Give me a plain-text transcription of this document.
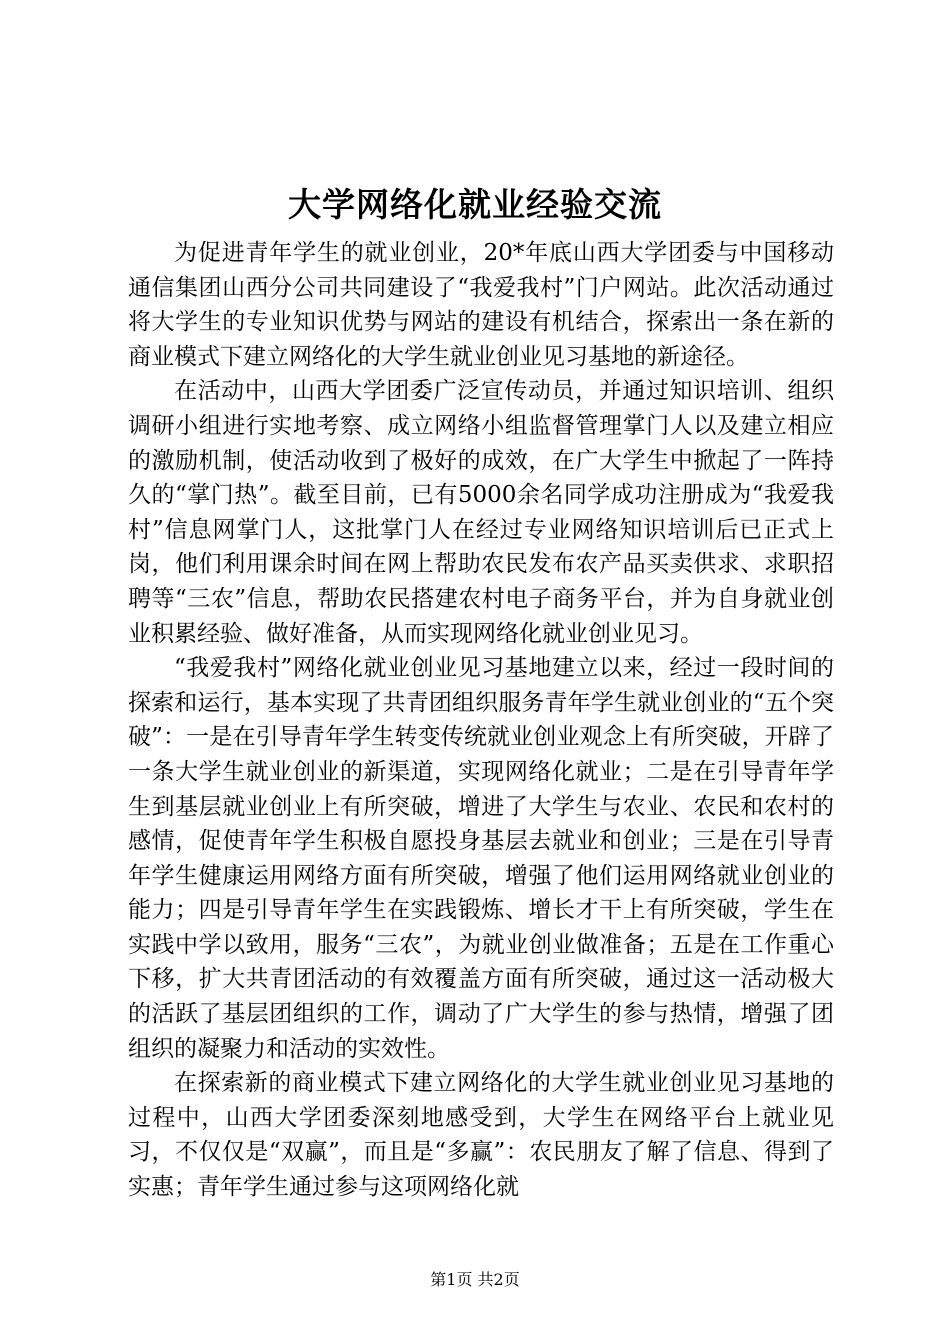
大学网络化就业经验交流

为促进青年学生的就业创业，20*年底山西大学团委与中国移动通信集团山西分公司共同建设了“我爱我村”门户网站。此次活动通过将大学生的专业知识优势与网站的建设有机结合，探索出一条在新的商业模式下建立网络化的大学生就业创业见习基地的新途径。

在活动中，山西大学团委广泛宣传动员，并通过知识培训、组织调研小组进行实地考察、成立网络小组监督管理掌门人以及建立相应的激励机制，使活动收到了极好的成效，在广大学生中掀起了一阵持久的“掌门热”。截至目前，已有5000余名同学成功注册成为“我爱我村”信息网掌门人，这批掌门人在经过专业网络知识培训后已正式上岗，他们利用课余时间在网上帮助农民发布农产品买卖供求、求职招聘等“三农”信息，帮助农民搭建农村电子商务平台，并为自身就业创业积累经验、做好准备，从而实现网络化就业创业见习。

“我爱我村”网络化就业创业见习基地建立以来，经过一段时间的探索和运行，基本实现了共青团组织服务青年学生就业创业的“五个突破”：一是在引导青年学生转变传统就业创业观念上有所突破，开辟了一条大学生就业创业的新渠道，实现网络化就业；二是在引导青年学生到基层就业创业上有所突破，增进了大学生与农业、农民和农村的感情，促使青年学生积极自愿投身基层去就业和创业；三是在引导青年学生健康运用网络方面有所突破，增强了他们运用网络就业创业的能力；四是引导青年学生在实践锻炼、增长才干上有所突破，学生在实践中学以致用，服务“三农”，为就业创业做准备；五是在工作重心下移，扩大共青团活动的有效覆盖方面有所突破，通过这一活动极大的活跃了基层团组织的工作，调动了广大学生的参与热情，增强了团组织的凝聚力和活动的实效性。

在探索新的商业模式下建立网络化的大学生就业创业见习基地的过程中，山西大学团委深刻地感受到，大学生在网络平台上就业见习，不仅仅是“双赢”，而且是“多赢”：农民朋友了解了信息、得到了实惠；青年学生通过参与这项网络化就

第1页 共2页
